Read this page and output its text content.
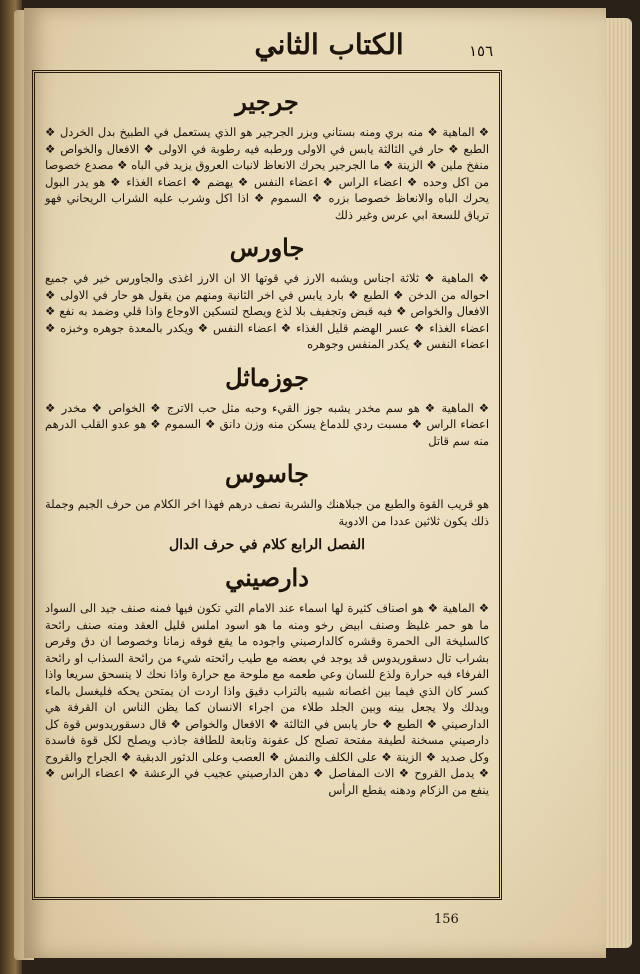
الكتاب الثاني	١٥٦
جرجير

❖ الماهية ❖ منه بري ومنه بستاني وبزر الجرجير هو الذي يستعمل في الطبيخ بدل الخردل ❖ الطبع ❖ حار في الثالثة يابس في الاولى ورطبه فيه رطوبة في الاولى ❖ الافعال والخواص ❖ منفخ ملين ❖ الزينة ❖ ما الجرجير يحرك الانعاظ لانبات العروق يزيد في الباه ❖ مصدع خصوصا من اكل وحده ❖ اعضاء الراس ❖ اعضاء النفس ❖ يهضم ❖ اعضاء الغذاء ❖ هو يدر البول يحرك الباه والانعاظ خصوصا بزره ❖ السموم ❖ اذا اكل وشرب عليه الشراب الريحاني فهو ترياق للسعة ابي عرس وغير ذلك

جاورس

❖ الماهية ❖ ثلاثة اجناس ويشبه الارز في قوتها الا ان الارز اغذى والجاورس خير في جميع احواله من الدخن ❖ الطبع ❖ بارد يابس في اخر الثانية ومنهم من يقول هو حار في الاولى ❖ الافعال والخواص ❖ فيه قبض وتجفيف بلا لذع ويصلح لتسكين الاوجاع واذا قلي وضمد به نفع ❖ اعضاء الغذاء ❖ عسر الهضم قليل الغذاء ❖ اعضاء النفس ❖ ويكدر بالمعدة جوهره وخبزه ❖ اعضاء النفس ❖ يكدر المنفس وجوهره

جوزماثل

❖ الماهية ❖ هو سم مخدر يشبه جوز القيء وحبه مثل حب الاترج ❖ الخواص ❖ مخدر ❖ اعضاء الراس ❖ مسبت ردي للدماغ يسكن منه وزن دانق ❖ السموم ❖ هو عدو القلب الدرهم منه سم قاتل

جاسوس

هو قريب القوة والطبع من جبلاهنك والشربة نصف درهم فهذا اخر الكلام من حرف الجيم وجملة ذلك يكون ثلاثين عددا من الادوية

الفصل الرابع كلام في حرف الدال
دارصيني

❖ الماهية ❖ هو اصناف كثيرة لها اسماء عند الامام التي تكون فيها فمنه صنف جيد الى السواد ما هو حمر غليظ وصنف ابيض رخو ومنه ما هو اسود املس قليل العقد ومنه صنف رائحة كالسليخة الى الحمرة وقشره كالدارصيني واجوده ما يقع فوقه زمانا وخصوصا ان دق وقرص بشراب تال دسقوريدوس قد يوجد في بعضه مع طيب رائحته شيء من رائحة السذاب او رائحة الفرفاء فيه حرارة ولذع للسان وعي طعمه مع ملوحة مع حرارة واذا نحك لا ينسحق سريعا واذا كسر كان الذي فيما بين اغصانه شبيه بالتراب دقيق واذا اردت ان يمتحن يحكه فليغسل بالماء ويدلك ولا يجعل بينه وبين الجلد طلاء من اجراء الانسان كما يظن الناس ان القرفة هي الدارصيني ❖ الطبع ❖ حار يابس في الثالثة ❖ الافعال والخواص ❖ قال دسقوريدوس قوة كل دارصيني مسخنة لطيفة مفتحة تصلح كل عفونة وتابعة للطافة جاذب ويصلح لكل قوة فاسدة وكل صديد ❖ الزينة ❖ على الكلف والنمش ❖ العصب وعلى الدثور الدبقية ❖ الجراح والقروح ❖ يدمل القروح ❖ الات المفاصل ❖ دهن الدارصيني عجيب في الرعشة ❖ اعضاء الراس ❖ ينفع من الزكام ودهنه يقطع الرأس

156
